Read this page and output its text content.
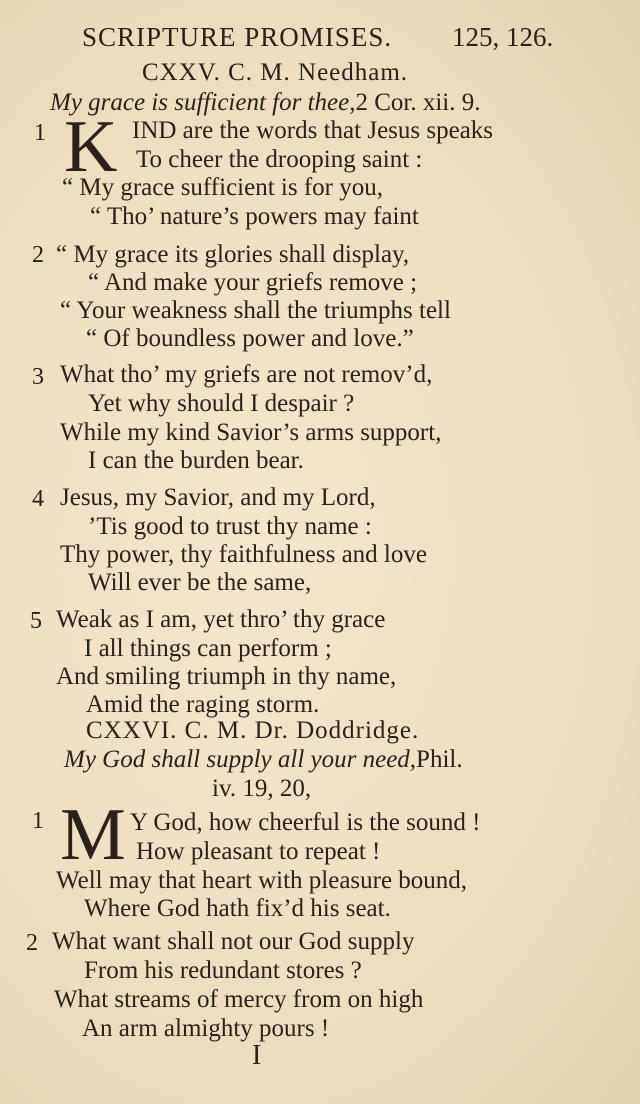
SCRIPTURE PROMISES. 125, 126.
CXXV. C. M. Needham.
My grace is sufficient for thee,2 Cor. xii. 9.
1 K IND are the words that Jesus speaks
To cheer the drooping saint :
“ My grace sufficient is for you,
“ Tho’ nature’s powers may faint
2 “ My grace its glories shall display,
“ And make your griefs remove ;
“ Your weakness shall the triumphs tell
“ Of boundless power and love.”
3 What tho’ my griefs are not remov’d,
Yet why should I despair ?
While my kind Savior’s arms support,
I can the burden bear.
4 Jesus, my Savior, and my Lord,
’Tis good to trust thy name :
Thy power, thy faithfulness and love
Will ever be the same,
5 Weak as I am, yet thro’ thy grace
I all things can perform ;
And smiling triumph in thy name,
Amid the raging storm.
CXXVI. C. M. Dr. Doddridge.
My God shall supply all your need,Phil.
iv. 19, 20,
1 M Y God, how cheerful is the sound !
How pleasant to repeat !
Well may that heart with pleasure bound,
Where God hath fix’d his seat.
2 What want shall not our God supply
From his redundant stores ?
What streams of mercy from on high
An arm almighty pours !
I
